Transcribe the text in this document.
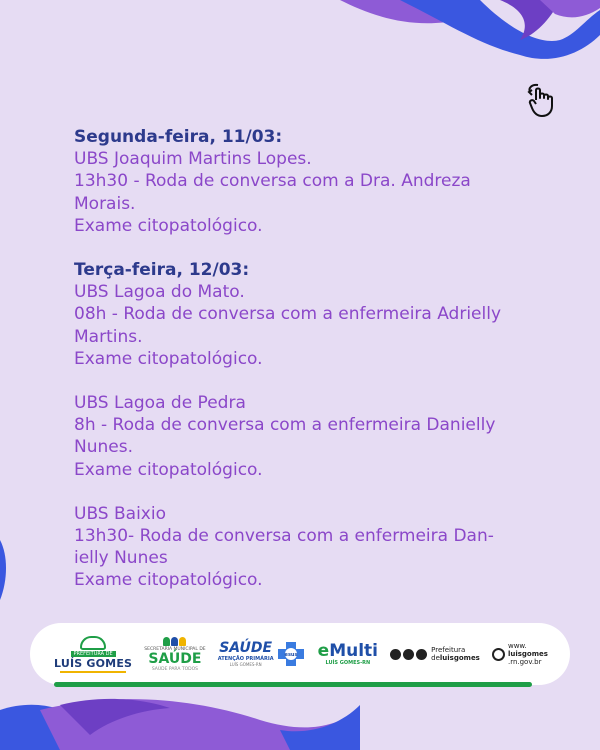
Segunda-feira, 11/03:

UBS Joaquim Martins Lopes.

13h30 - Roda de conversa com a Dra. Andreza

Morais.

Exame citopatológico.

Terça-feira, 12/03:

UBS Lagoa do Mato.

08h - Roda de conversa com a enfermeira Adrielly

Martins.

Exame citopatológico.

UBS Lagoa de Pedra

8h - Roda de conversa com a enfermeira Danielly

Nunes.

Exame citopatológico.

UBS Baixio

13h30- Roda de conversa com a enfermeira Dan-

ielly Nunes

Exame citopatológico.

PREFEITURA DE
LUÍS GOMES
SECRETARIA MUNICIPAL DE
SAÚDE
SAÚDE PARA TODOS
SAÚDE
ATENÇÃO PRIMÁRIA
LUÍS GOMES-RN
esus eMulti
LUÍS GOMES-RN
Prefeitura
deluisgomes
www.
luisgomes
.rn.gov.br
